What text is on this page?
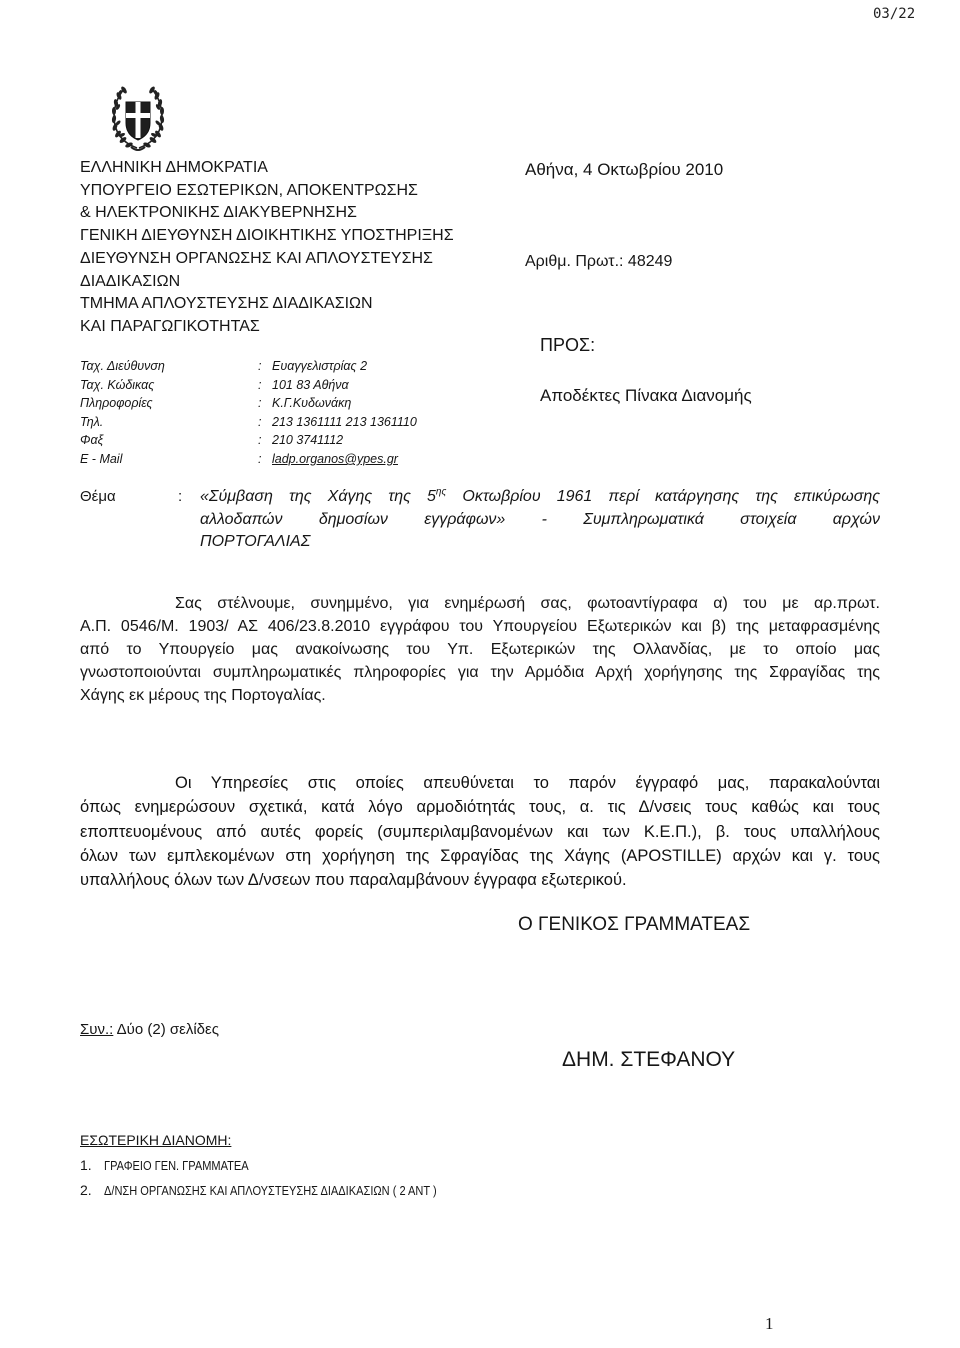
03/22
ΕΛΛΗΝΙΚΗ ΔΗΜΟΚΡΑΤΙΑ
ΥΠΟΥΡΓΕΙΟ ΕΣΩΤΕΡΙΚΩΝ, ΑΠΟΚΕΝΤΡΩΣΗΣ
& ΗΛΕΚΤΡΟΝΙΚΗΣ ΔΙΑΚΥΒΕΡΝΗΣΗΣ
ΓΕΝΙΚΗ ΔΙΕΥΘΥΝΣΗ ΔΙΟΙΚΗΤΙΚΗΣ ΥΠΟΣΤΗΡΙΞΗΣ
ΔΙΕΥΘΥΝΣΗ ΟΡΓΑΝΩΣΗΣ ΚΑΙ ΑΠΛΟΥΣΤΕΥΣΗΣ
ΔΙΑΔΙΚΑΣΙΩΝ
ΤΜΗΜΑ ΑΠΛΟΥΣΤΕΥΣΗΣ ΔΙΑΔΙΚΑΣΙΩΝ
ΚΑΙ ΠΑΡΑΓΩΓΙΚΟΤΗΤΑΣ
Ταχ. Διεύθυνση	: Ευαγγελιστρίας 2
Ταχ. Κώδικας	: 101 83 Αθήνα
Πληροφορίες	: Κ.Γ.Κυδωνάκη
Τηλ.	: 213 1361111 213 1361110
Φαξ	: 210 3741112
E - Mail	: ladp.organos@ypes.gr
Αθήνα, 4 Οκτωβρίου 2010
Αριθμ. Πρωτ.: 48249
ΠΡΟΣ:
Αποδέκτες Πίνακα Διανομής
Θέμα	: «Σύμβαση της Χάγης της $5^{\eta\varsigma}$ Οκτωβρίου 1961 περί κατάργησης της επικύρωσης
αλλοδαπών δημοσίων εγγράφων» - Συμπληρωματικά στοιχεία αρχών
ΠΟΡΤΟΓΑΛΙΑΣ
Σας στέλνουμε, συνημμένο, για ενημέρωσή σας, φωτοαντίγραφα α) του με αρ.πρωτ.
Α.Π. 0546/Μ. 1903/ ΑΣ 406/23.8.2010 εγγράφου του Υπουργείου Εξωτερικών και β) της μεταφρασμένης
από το Υπουργείο μας ανακοίνωσης του Υπ. Εξωτερικών της Ολλανδίας, με το οποίο μας
γνωστοποιούνται συμπληρωματικές πληροφορίες για την Αρμόδια Αρχή χορήγησης της Σφραγίδας της
Χάγης εκ μέρους της Πορτογαλίας.
Οι Υπηρεσίες στις οποίες απευθύνεται το παρόν έγγραφό μας, παρακαλούνται
όπως ενημερώσουν σχετικά, κατά λόγο αρμοδιότητάς τους, α. τις Δ/νσεις τους καθώς και τους
εποπτευομένους από αυτές φορείς (συμπεριλαμβανομένων και των Κ.Ε.Π.), β. τους υπαλλήλους
όλων των εμπλεκομένων στη χορήγηση της Σφραγίδας της Χάγης (APOSTILLE) αρχών και γ. τους
υπαλλήλους όλων των Δ/νσεων που παραλαμβάνουν έγγραφα εξωτερικού.
Ο ΓΕΝΙΚΟΣ ΓΡΑΜΜΑΤΕΑΣ
Συν.: Δύο (2) σελίδες
ΔΗΜ. ΣΤΕΦΑΝΟΥ
ΕΣΩΤΕΡΙΚΗ ΔΙΑΝΟΜΗ:
1. ΓΡΑΦΕΙΟ ΓΕΝ. ΓΡΑΜΜΑΤΕΑ
2. Δ/ΝΣΗ ΟΡΓΑΝΩΣΗΣ ΚΑΙ ΑΠΛΟΥΣΤΕΥΣΗΣ ΔΙΑΔΙΚΑΣΙΩΝ ( 2 ΑΝΤ )
1
